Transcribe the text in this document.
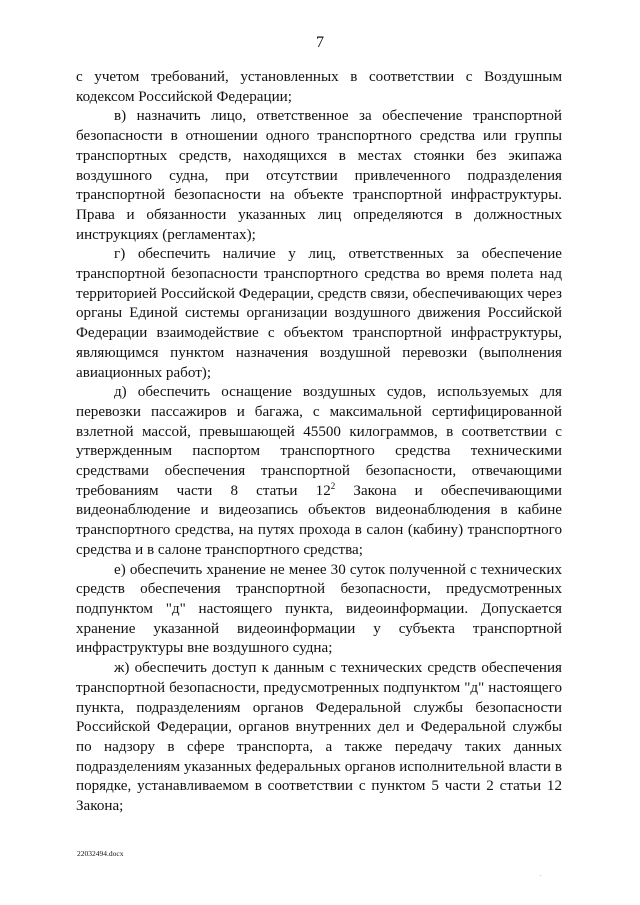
7

с учетом требований, установленных в соответствии с Воздушным кодексом Российской Федерации;

в) назначить лицо, ответственное за обеспечение транспортной безопасности в отношении одного транспортного средства или группы транспортных средств, находящихся в местах стоянки без экипажа воздушного судна, при отсутствии привлеченного подразделения транспортной безопасности на объекте транспортной инфраструктуры. Права и обязанности указанных лиц определяются в должностных инструкциях (регламентах);

г) обеспечить наличие у лиц, ответственных за обеспечение транспортной безопасности транспортного средства во время полета над территорией Российской Федерации, средств связи, обеспечивающих через органы Единой системы организации воздушного движения Российской Федерации взаимодействие с объектом транспортной инфраструктуры, являющимся пунктом назначения воздушной перевозки (выполнения авиационных работ);

д) обеспечить оснащение воздушных судов, используемых для перевозки пассажиров и багажа, с максимальной сертифицированной взлетной массой, превышающей 45500 килограммов, в соответствии с утвержденным паспортом транспортного средства техническими средствами обеспечения транспортной безопасности, отвечающими требованиям части 8 статьи $12^2$ Закона и обеспечивающими видеонаблюдение и видеозапись объектов видеонаблюдения в кабине транспортного средства, на путях прохода в салон (кабину) транспортного средства и в салоне транспортного средства;

е) обеспечить хранение не менее 30 суток полученной с технических средств обеспечения транспортной безопасности, предусмотренных подпунктом "д" настоящего пункта, видеоинформации. Допускается хранение указанной видеоинформации у субъекта транспортной инфраструктуры вне воздушного судна;

ж) обеспечить доступ к данным с технических средств обеспечения транспортной безопасности, предусмотренных подпунктом "д" настоящего пункта, подразделениям органов Федеральной службы безопасности Российской Федерации, органов внутренних дел и Федеральной службы по надзору в сфере транспорта, а также передачу таких данных подразделениям указанных федеральных органов исполнительной власти в порядке, устанавливаемом в соответствии с пунктом 5 части 2 статьи 12 Закона;

22032494.docx
.
